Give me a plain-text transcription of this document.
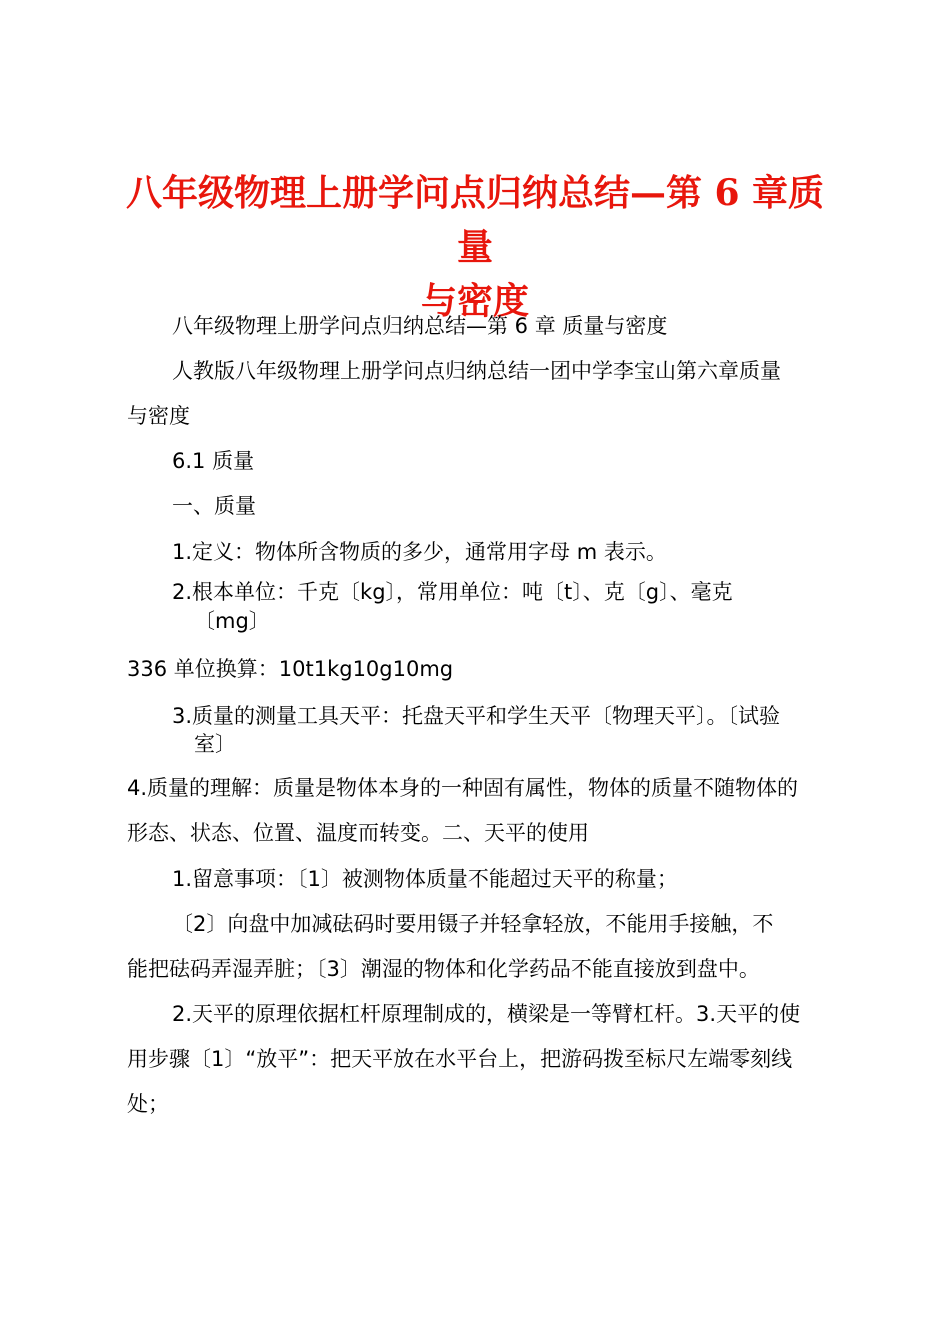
八年级物理上册学问点归纳总结—第 6 章质量
与密度

八年级物理上册学问点归纳总结—第 6 章 质量与密度

人教版八年级物理上册学问点归纳总结一团中学李宝山第六章质量

与密度

6.1 质量

一、质量

1.定义：物体所含物质的多少，通常用字母 m 表示。

2.根本单位：千克〔kg〕，常用单位：吨〔t〕、克〔g〕、毫克

〔mg〕

336 单位换算：10t1kg10g10mg

3.质量的测量工具天平：托盘天平和学生天平〔物理天平〕。〔试验

室〕

4.质量的理解：质量是物体本身的一种固有属性，物体的质量不随物体的

形态、状态、位置、温度而转变。二、天平的使用

1.留意事项：〔1〕被测物体质量不能超过天平的称量；

〔2〕向盘中加减砝码时要用镊子并轻拿轻放，不能用手接触，不

能把砝码弄湿弄脏；〔3〕潮湿的物体和化学药品不能直接放到盘中。

2.天平的原理依据杠杆原理制成的，横梁是一等臂杠杆。3.天平的使

用步骤〔1〕“放平”：把天平放在水平台上，把游码拨至标尺左端零刻线

处；
